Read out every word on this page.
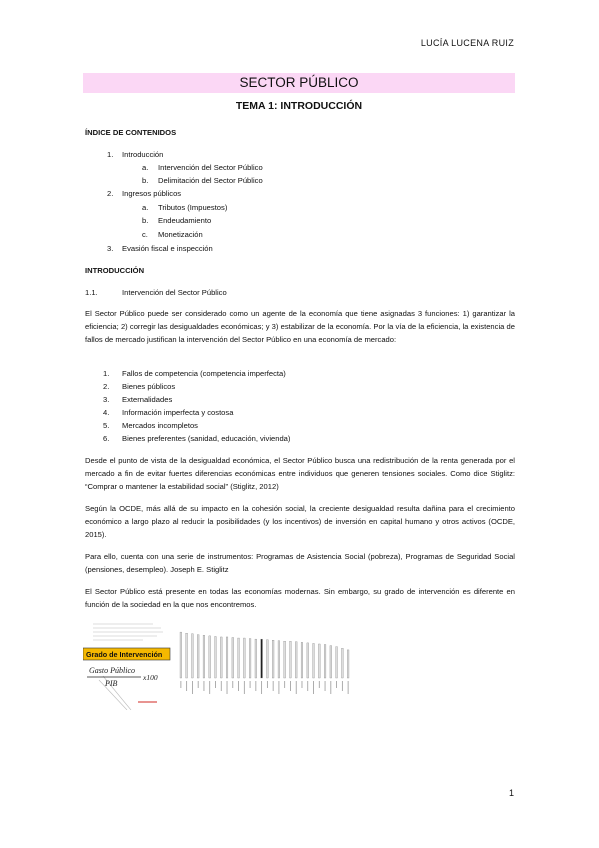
LUCÍA LUCENA RUIZ
SECTOR PÚBLICO
TEMA 1: INTRODUCCIÓN
ÍNDICE DE CONTENIDOS
1. Introducción
a. Intervención del Sector Público
b. Delimitación del Sector Público
2. Ingresos públicos
a. Tributos (Impuestos)
b. Endeudamiento
c. Monetización
3. Evasión fiscal e inspección
INTRODUCCIÓN
1.1.	Intervención del Sector Público
El Sector Público puede ser considerado como un agente de la economía que tiene asignadas 3 funciones: 1) garantizar la eficiencia; 2) corregir las desigualdades económicas; y 3) estabilizar de la economía. Por la vía de la eficiencia, la existencia de fallos de mercado justifican la intervención del Sector Público en una economía de mercado:
1. Fallos de competencia (competencia imperfecta)
2. Bienes públicos
3. Externalidades
4. Información imperfecta y costosa
5. Mercados incompletos
6. Bienes preferentes (sanidad, educación, vivienda)
Desde el punto de vista de la desigualdad económica, el Sector Público busca una redistribución de la renta generada por el mercado a fin de evitar fuertes diferencias económicas entre individuos que generen tensiones sociales. Como dice Stiglitz: “Comprar o mantener la estabilidad social” (Stiglitz, 2012)
Según la OCDE, más allá de su impacto en la cohesión social, la creciente desigualdad resulta dañina para el crecimiento económico a largo plazo al reducir la posibilidades (y los incentivos) de inversión en capital humano y otros activos (OCDE, 2015).
Para ello, cuenta con una serie de instrumentos: Programas de Asistencia Social (pobreza), Programas de Seguridad Social (pensiones, desempleo). Joseph E. Stiglitz
El Sector Público está presente en todas las economías modernas. Sin embargo, su grado de intervención es diferente en función de la sociedad en la que nos encontremos.
Grado de Intervención
Gasto Público
PIB
x100
1
